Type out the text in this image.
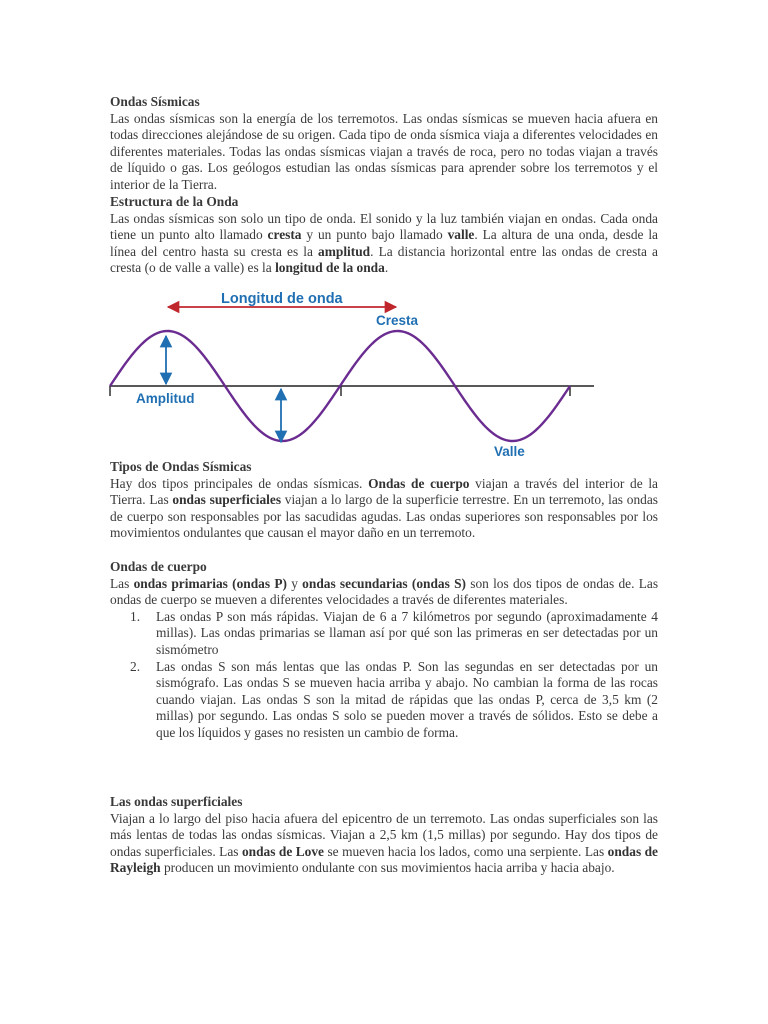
Ondas Sísmicas

Las ondas sísmicas son la energía de los terremotos. Las ondas sísmicas se mueven hacia afuera en todas direcciones alejándose de su origen. Cada tipo de onda sísmica viaja a diferentes velocidades en diferentes materiales. Todas las ondas sísmicas viajan a través de roca, pero no todas viajan a través de líquido o gas. Los geólogos estudian las ondas sísmicas para aprender sobre los terremotos y el interior de la Tierra.

Estructura de la Onda

Las ondas sísmicas son solo un tipo de onda. El sonido y la luz también viajan en ondas. Cada onda tiene un punto alto llamado cresta y un punto bajo llamado valle. La altura de una onda, desde la línea del centro hasta su cresta es la amplitud. La distancia horizontal entre las ondas de cresta a cresta (o de valle a valle) es la longitud de la onda.

Longitud de onda
Cresta
Amplitud
Valle
Tipos de Ondas Sísmicas

Hay dos tipos principales de ondas sísmicas. Ondas de cuerpo viajan a través del interior de la Tierra. Las ondas superficiales viajan a lo largo de la superficie terrestre. En un terremoto, las ondas de cuerpo son responsables por las sacudidas agudas. Las ondas superiores son responsables por los movimientos ondulantes que causan el mayor daño en un terremoto.

Ondas de cuerpo

Las ondas primarias (ondas P) y ondas secundarias (ondas S) son los dos tipos de ondas de. Las ondas de cuerpo se mueven a diferentes velocidades a través de diferentes materiales.

1. Las ondas P son más rápidas. Viajan de 6 a 7 kilómetros por segundo (aproximadamente 4 millas). Las ondas primarias se llaman así por qué son las primeras en ser detectadas por un sismómetro
2. Las ondas S son más lentas que las ondas P. Son las segundas en ser detectadas por un sismógrafo. Las ondas S se mueven hacia arriba y abajo. No cambian la forma de las rocas cuando viajan. Las ondas S son la mitad de rápidas que las ondas P, cerca de 3,5 km (2 millas) por segundo. Las ondas S solo se pueden mover a través de sólidos. Esto se debe a que los líquidos y gases no resisten un cambio de forma.
Las ondas superficiales

Viajan a lo largo del piso hacia afuera del epicentro de un terremoto. Las ondas superficiales son las más lentas de todas las ondas sísmicas. Viajan a 2,5 km (1,5 millas) por segundo. Hay dos tipos de ondas superficiales. Las ondas de Love se mueven hacia los lados, como una serpiente. Las ondas de Rayleigh producen un movimiento ondulante con sus movimientos hacia arriba y hacia abajo.
